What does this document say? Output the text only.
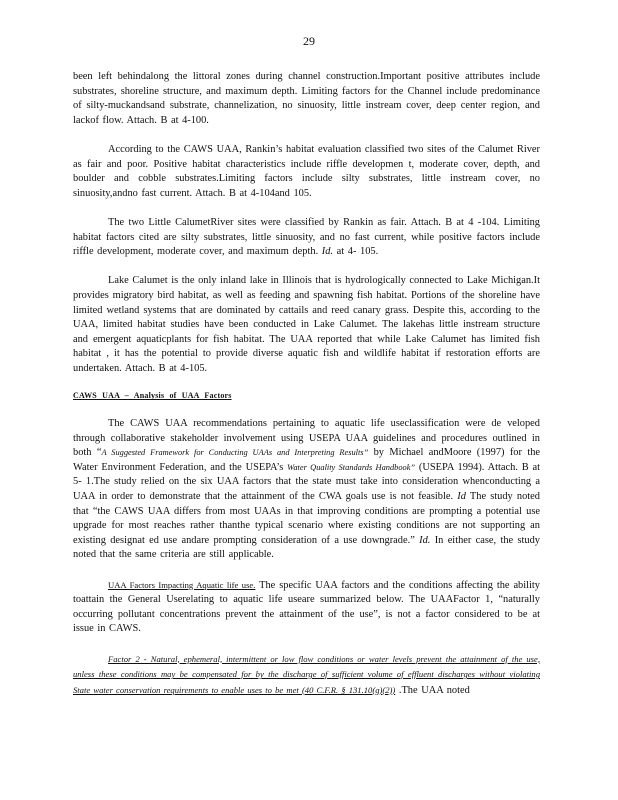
29

been left behindalong the littoral zones during channel construction.Important positive attributes include substrates, shoreline structure, and maximum depth. Limiting factors for the Channel include predominance of silty-muckandsand substrate, channelization, no sinuosity, little instream cover, deep center region, and lackof flow. Attach. B at 4-100.

According to the CAWS UAA, Rankin’s habitat evaluation classified two sites of the Calumet River as fair and poor. Positive habitat characteristics include riffle developmen t, moderate cover, depth, and boulder and cobble substrates.Limiting factors include silty substrates, little instream cover, no sinuosity,andno fast current. Attach. B at 4-104and 105.

The two Little CalumetRiver sites were classified by Rankin as fair. Attach. B at 4 -104. Limiting habitat factors cited are silty substrates, little sinuosity, and no fast current, while positive factors include riffle development, moderate cover, and maximum depth. Id. at 4- 105.

Lake Calumet is the only inland lake in Illinois that is hydrologically connected to Lake Michigan.It provides migratory bird habitat, as well as feeding and spawning fish habitat. Portions of the shoreline have limited wetland systems that are dominated by cattails and reed canary grass. Despite this, according to the UAA, limited habitat studies have been conducted in Lake Calumet. The lakehas little instream structure and emergent aquaticplants for fish habitat. The UAA reported that while Lake Calumet has limited fish habitat , it has the potential to provide diverse aquatic fish and wildlife habitat if restoration efforts are undertaken. Attach. B at 4-105.

CAWS UAA – Analysis of UAA Factors

The CAWS UAA recommendations pertaining to aquatic life useclassification were de veloped through collaborative stakeholder involvement using USEPA UAA guidelines and procedures outlined in both “A Suggested Framework for Conducting UAAs and Interpreting Results” by Michael andMoore (1997) for the Water Environment Federation, and the USEPA’s Water Quality Standards Handbook” (USEPA 1994). Attach. B at 5- 1.The study relied on the six UAA factors that the state must take into consideration whenconducting a UAA in order to demonstrate that the attainment of the CWA goals use is not feasible. Id The study noted that “the CAWS UAA differs from most UAAs in that improving conditions are prompting a potential use upgrade for most reaches rather thanthe typical scenario where existing conditions are not supporting an existing designat ed use andare prompting consideration of a use downgrade.” Id. In either case, the study noted that the same criteria are still applicable.

UAA Factors Impacting Aquatic life use. The specific UAA factors and the conditions affecting the ability toattain the General Userelating to aquatic life useare summarized below. The UAAFactor 1, “naturally occurring pollutant concentrations prevent the attainment of the use”, is not a factor considered to be at issue in CAWS.

Factor 2 - Natural, ephemeral, intermittent or low flow conditions or water levels prevent the attainment of the use, unless these conditions may be compensated for by the discharge of sufficient volume of effluent discharges without violating State water conservation requirements to enable uses to be met (40 C.F.R. § 131.10(g)(2)) .The UAA noted
